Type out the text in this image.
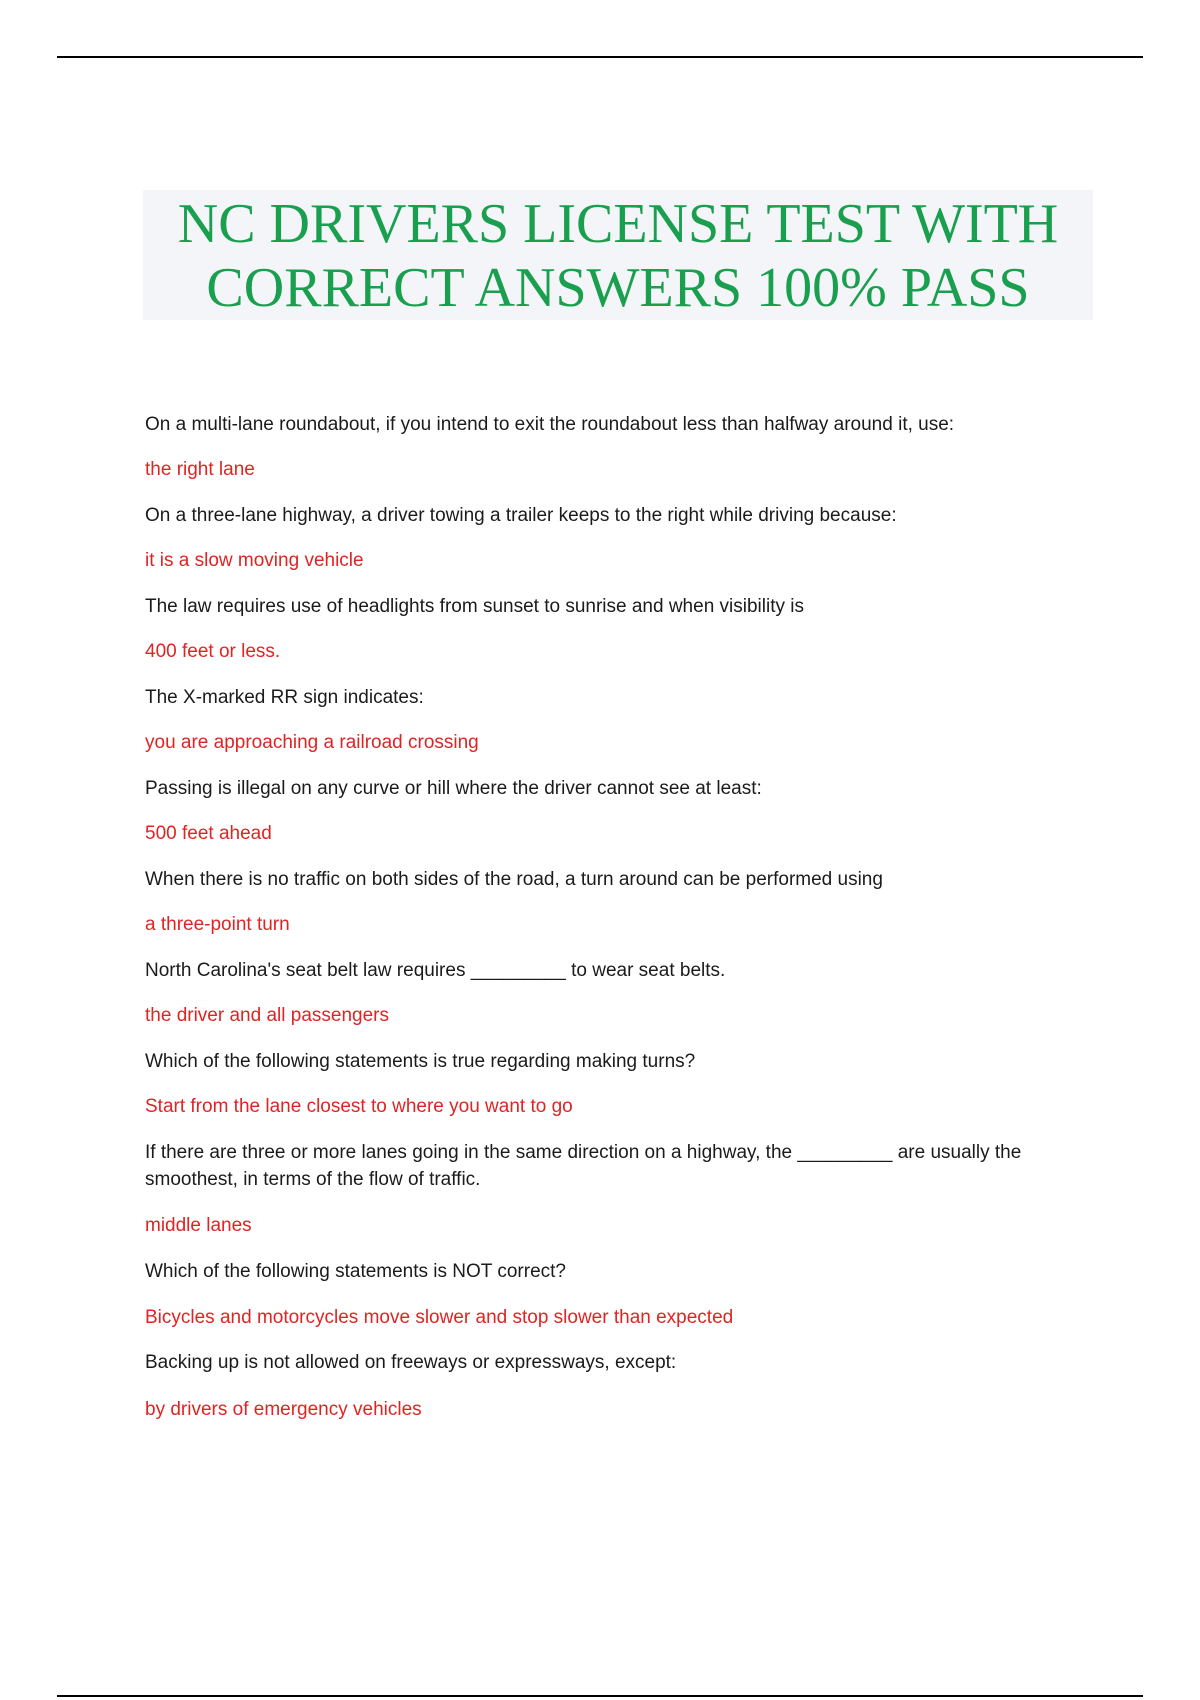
NC DRIVERS LICENSE TEST WITH
CORRECT ANSWERS 100% PASS
On a multi-lane roundabout, if you intend to exit the roundabout less than halfway around it, use:
the right lane
On a three-lane highway, a driver towing a trailer keeps to the right while driving because:
it is a slow moving vehicle
The law requires use of headlights from sunset to sunrise and when visibility is
400 feet or less.
The X-marked RR sign indicates:
you are approaching a railroad crossing
Passing is illegal on any curve or hill where the driver cannot see at least:
500 feet ahead
When there is no traffic on both sides of the road, a turn around can be performed using
a three-point turn
North Carolina's seat belt law requires _________ to wear seat belts.
the driver and all passengers
Which of the following statements is true regarding making turns?
Start from the lane closest to where you want to go
If there are three or more lanes going in the same direction on a highway, the _________ are usually the smoothest, in terms of the flow of traffic.
middle lanes
Which of the following statements is NOT correct?
Bicycles and motorcycles move slower and stop slower than expected
Backing up is not allowed on freeways or expressways, except:
by drivers of emergency vehicles
